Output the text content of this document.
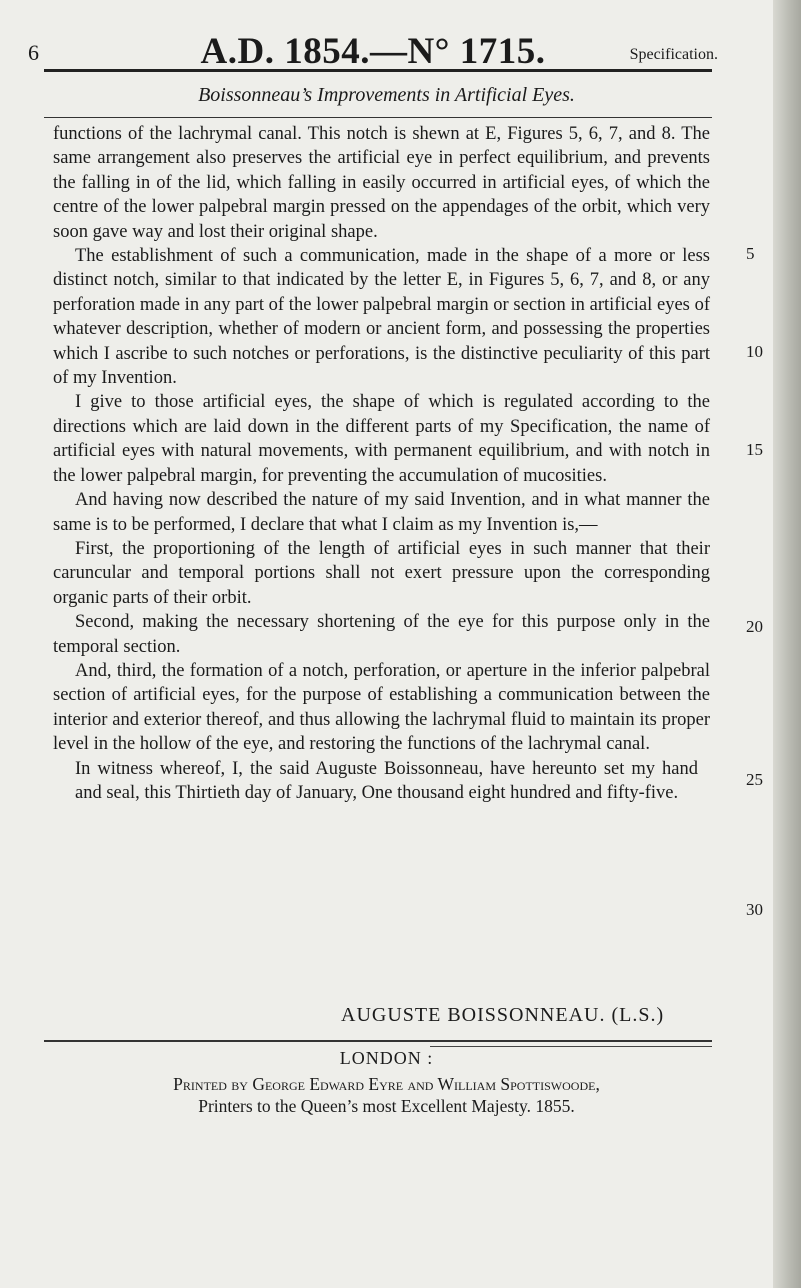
6	A.D. 1854.—N° 1715.	Specification.
Boissonneau’s Improvements in Artificial Eyes.

functions of the lachrymal canal. This notch is shewn at E, Figures 5, 6, 7, and 8. The same arrangement also preserves the artificial eye in perfect equilibrium, and prevents the falling in of the lid, which falling in easily occurred in artificial eyes, of which the centre of the lower palpebral margin pressed on the appendages of the orbit, which very soon gave way and lost their original shape.

The establishment of such a communication, made in the shape of a more or less distinct notch, similar to that indicated by the letter E, in Figures 5, 6, 7, and 8, or any perforation made in any part of the lower palpebral margin or section in artificial eyes of whatever description, whether of modern or ancient form, and possessing the properties which I ascribe to such notches or perforations, is the distinctive peculiarity of this part of my Invention.

I give to those artificial eyes, the shape of which is regulated according to the directions which are laid down in the different parts of my Specification, the name of artificial eyes with natural movements, with permanent equilibrium, and with notch in the lower palpebral margin, for preventing the accumulation of mucosities.

And having now described the nature of my said Invention, and in what manner the same is to be performed, I declare that what I claim as my Invention is,—

First, the proportioning of the length of artificial eyes in such manner that their caruncular and temporal portions shall not exert pressure upon the corresponding organic parts of their orbit.

Second, making the necessary shortening of the eye for this purpose only in the temporal section.

And, third, the formation of a notch, perforation, or aperture in the inferior palpebral section of artificial eyes, for the purpose of establishing a communication between the interior and exterior thereof, and thus allowing the lachrymal fluid to maintain its proper level in the hollow of the eye, and restoring the functions of the lachrymal canal.

In witness whereof, I, the said Auguste Boissonneau, have hereunto set my hand and seal, this Thirtieth day of January, One thousand eight hundred and fifty-five.

AUGUSTE BOISSONNEAU. (L.S.)
5
10
15
20
25
30
LONDON :
Printed by George Edward Eyre and William Spottiswoode,
Printers to the Queen’s most Excellent Majesty. 1855.
